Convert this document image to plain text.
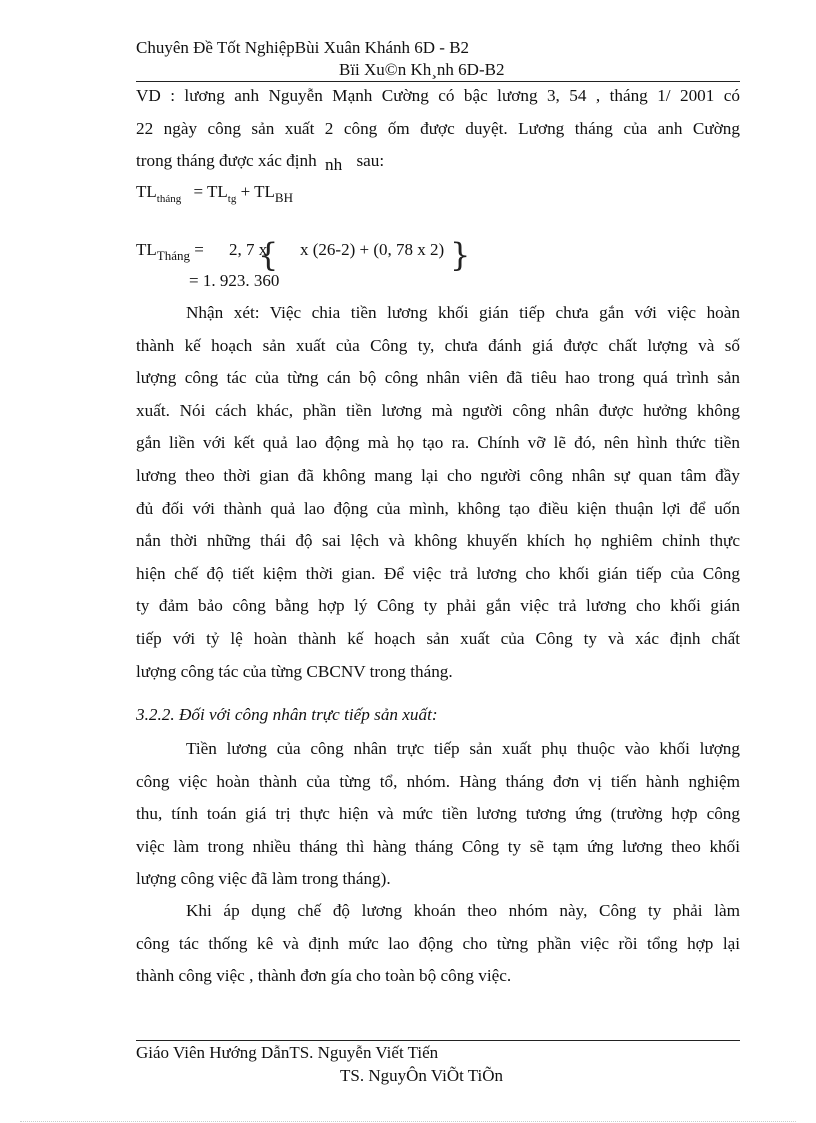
Chuyên Đề Tốt NghiệpBùi Xuân Khánh 6D - B2
Bïi Xu©n Kh¸nh 6D-B2
VD : lương anh Nguyễn Mạnh Cường có bậc lương 3, 54 , tháng 1/ 2001 có
22 ngày công sản xuất 2 công ốm được duyệt. Lương tháng của anh Cường
trong tháng được xác định nh sau:
$TL_{tháng} = TL_{tg} + TL_{BH}$
$TL_{Tháng} = 2$, 7 x x (26-2) + (0, 78 x 2)
= 1. 923. 360
{	}
Nhận xét: Việc chia tiền lương khối gián tiếp chưa gắn với việc hoàn
thành kế hoạch sản xuất của Công ty, chưa đánh giá được chất lượng và số
lượng công tác của từng cán bộ công nhân viên đã tiêu hao trong quá trình sản
xuất. Nói cách khác, phần tiền lương mà người công nhân được hưởng không
gắn liền với kết quả lao động mà họ tạo ra. Chính vỡ lẽ đó, nên hình thức tiền
lương theo thời gian đã không mang lại cho người công nhân sự quan tâm đầy
đủ đối với thành quả lao động của mình, không tạo điều kiện thuận lợi để uốn
nắn thời những thái độ sai lệch và không khuyến khích họ nghiêm chỉnh thực
hiện chế độ tiết kiệm thời gian. Để việc trả lương cho khối gián tiếp của Công
ty đảm bảo công bằng hợp lý Công ty phải gắn việc trả lương cho khối gián
tiếp với tỷ lệ hoàn thành kế hoạch sản xuất của Công ty và xác định chất
lượng công tác của từng CBCNV trong tháng.
3.2.2. Đối với công nhân trực tiếp sản xuất:
Tiền lương của công nhân trực tiếp sản xuất phụ thuộc vào khối lượng
công việc hoàn thành của từng tổ, nhóm. Hàng tháng đơn vị tiến hành nghiệm
thu, tính toán giá trị thực hiện và mức tiền lương tương ứng (trường hợp công
việc làm trong nhiều tháng thì hàng tháng Công ty sẽ tạm ứng lương theo khối
lượng công việc đã làm trong tháng).
Khi áp dụng chế độ lương khoán theo nhóm này, Công ty phải làm
công tác thống kê và định mức lao động cho từng phần việc rồi tổng hợp lại
thành công việc , thành đơn gía cho toàn bộ công việc.
Giáo Viên Hướng DẫnTS. Nguyễn Viết Tiến
TS. NguyÔn ViÕt TiÕn
